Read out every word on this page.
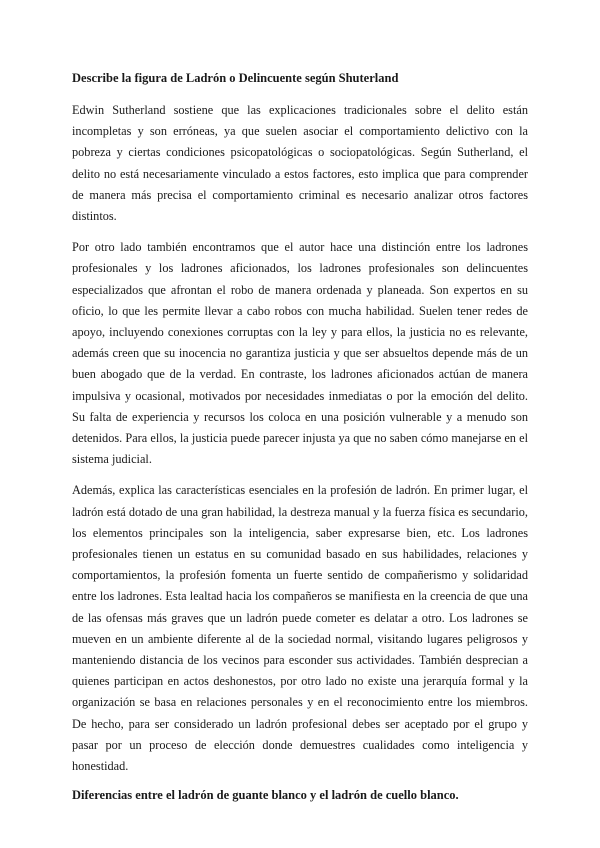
Describe la figura de Ladrón o Delincuente según Shuterland

Edwin Sutherland sostiene que las explicaciones tradicionales sobre el delito están incompletas y son erróneas, ya que suelen asociar el comportamiento delictivo con la pobreza y ciertas condiciones psicopatológicas o sociopatológicas. Según Sutherland, el delito no está necesariamente vinculado a estos factores, esto implica que para comprender de manera más precisa el comportamiento criminal es necesario analizar otros factores distintos.

Por otro lado también encontramos que el autor hace una distinción entre los ladrones profesionales y los ladrones aficionados, los ladrones profesionales son delincuentes especializados que afrontan el robo de manera ordenada y planeada. Son expertos en su oficio, lo que les permite llevar a cabo robos con mucha habilidad. Suelen tener redes de apoyo, incluyendo conexiones corruptas con la ley y para ellos, la justicia no es relevante, además creen que su inocencia no garantiza justicia y que ser absueltos depende más de un buen abogado que de la verdad. En contraste, los ladrones aficionados actúan de manera impulsiva y ocasional, motivados por necesidades inmediatas o por la emoción del delito. Su falta de experiencia y recursos los coloca en una posición vulnerable y a menudo son detenidos. Para ellos, la justicia puede parecer injusta ya que no saben cómo manejarse en el sistema judicial.

Además, explica las características esenciales en la profesión de ladrón. En primer lugar, el ladrón está dotado de una gran habilidad, la destreza manual y la fuerza física es secundario, los elementos principales son la inteligencia, saber expresarse bien, etc. Los ladrones profesionales tienen un estatus en su comunidad basado en sus habilidades, relaciones y comportamientos, la profesión fomenta un fuerte sentido de compañerismo y solidaridad entre los ladrones. Esta lealtad hacia los compañeros se manifiesta en la creencia de que una de las ofensas más graves que un ladrón puede cometer es delatar a otro. Los ladrones se mueven en un ambiente diferente al de la sociedad normal, visitando lugares peligrosos y manteniendo distancia de los vecinos para esconder sus actividades. También desprecian a quienes participan en actos deshonestos, por otro lado no existe una jerarquía formal y la organización se basa en relaciones personales y en el reconocimiento entre los miembros. De hecho, para ser considerado un ladrón profesional debes ser aceptado por el grupo y pasar por un proceso de elección donde demuestres cualidades como inteligencia y honestidad.

Diferencias entre el ladrón de guante blanco y el ladrón de cuello blanco.
